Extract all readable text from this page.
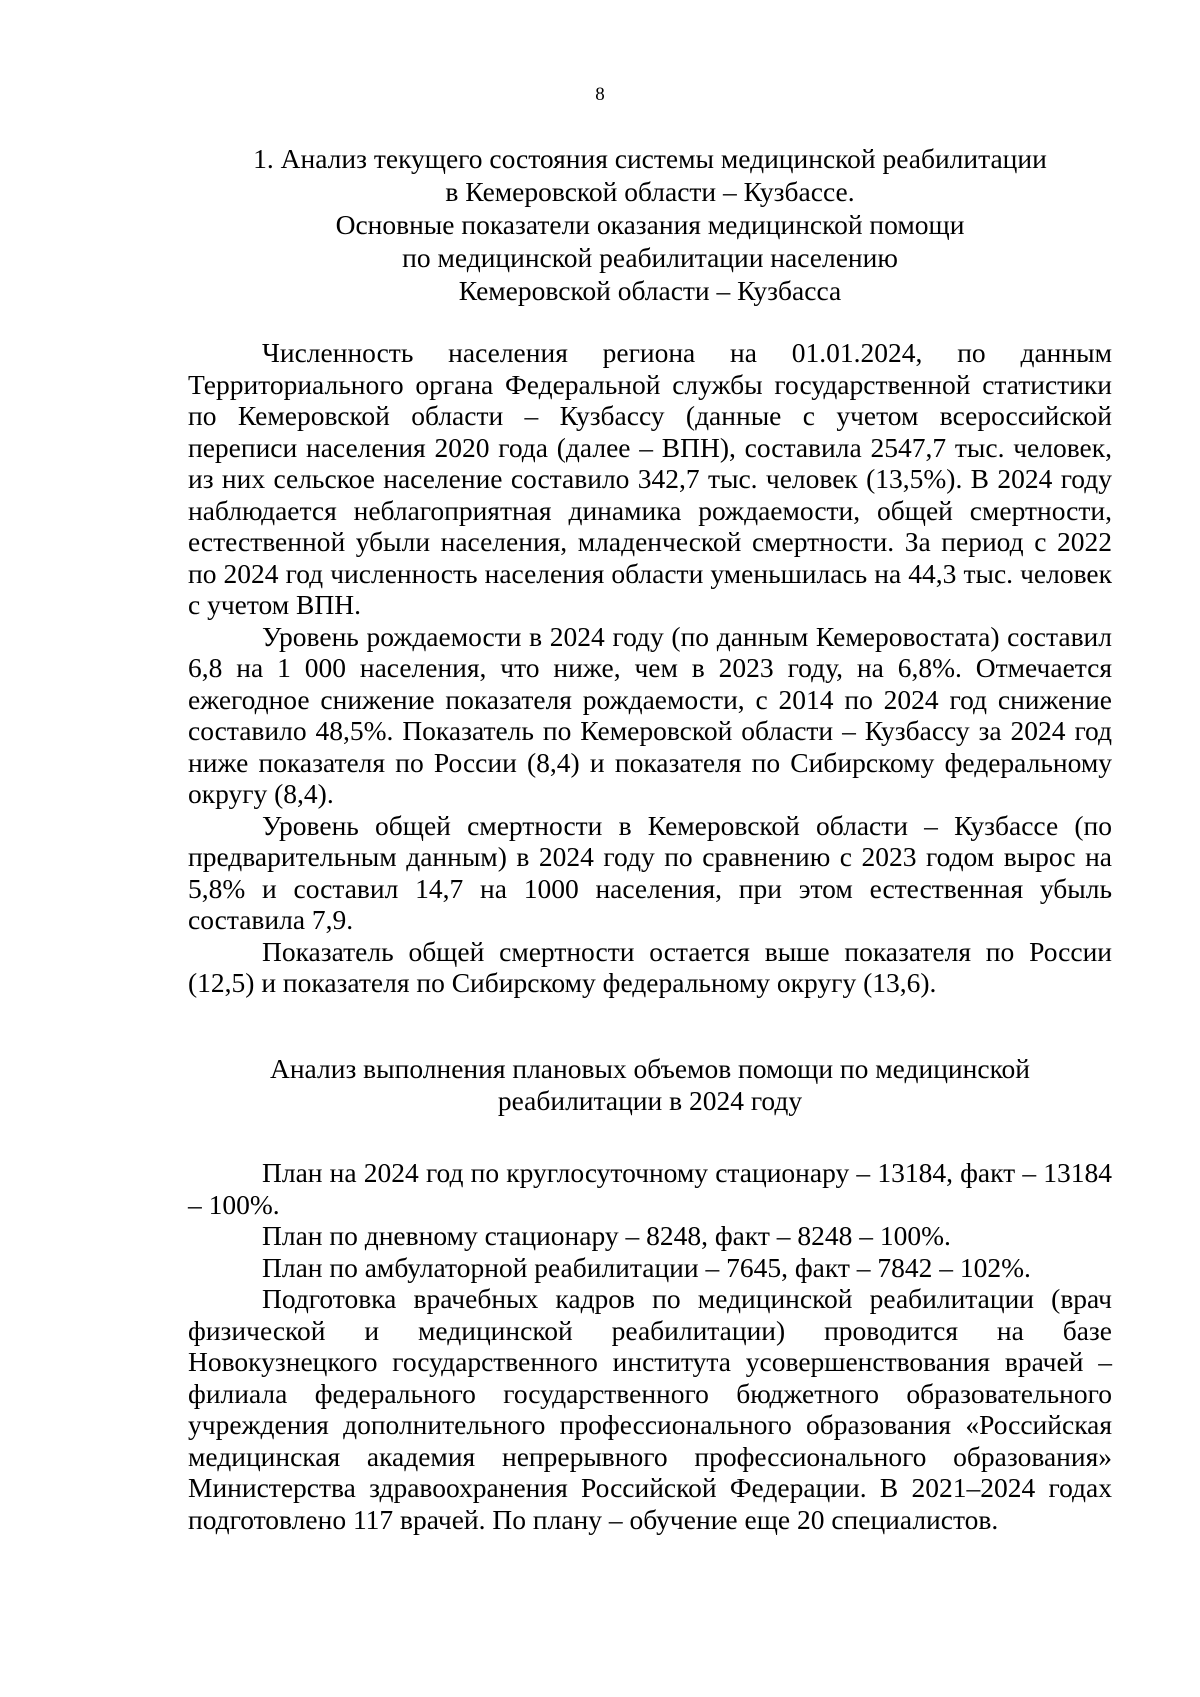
8
1. Анализ текущего состояния системы медицинской реабилитации
в Кемеровской области – Кузбассе.
Основные показатели оказания медицинской помощи
по медицинской реабилитации населению
Кемеровской области – Кузбасса

Численность населения региона на 01.01.2024, по данным Территориального органа Федеральной службы государственной статистики по Кемеровской области – Кузбассу (данные с учетом всероссийской переписи населения 2020 года (далее – ВПН), составила 2547,7 тыс. человек, из них сельское население составило 342,7 тыс. человек (13,5%). В 2024 году наблюдается неблагоприятная динамика рождаемости, общей смертности, естественной убыли населения, младенческой смертности. За период с 2022 по 2024 год численность населения области уменьшилась на 44,3 тыс. человек с учетом ВПН.

Уровень рождаемости в 2024 году (по данным Кемеровостата) составил 6,8 на 1 000 населения, что ниже, чем в 2023 году, на 6,8%. Отмечается ежегодное снижение показателя рождаемости, с 2014 по 2024 год снижение составило 48,5%. Показатель по Кемеровской области – Кузбассу за 2024 год ниже показателя по России (8,4) и показателя по Сибирскому федеральному округу (8,4).

Уровень общей смертности в Кемеровской области – Кузбассе (по предварительным данным) в 2024 году по сравнению с 2023 годом вырос на 5,8% и составил 14,7 на 1000 населения, при этом естественная убыль составила 7,9.

Показатель общей смертности остается выше показателя по России (12,5) и показателя по Сибирскому федеральному округу (13,6).

Анализ выполнения плановых объемов помощи по медицинской
реабилитации в 2024 году

План на 2024 год по круглосуточному стационару – 13184, факт – 13184 – 100%.

План по дневному стационару – 8248, факт – 8248 – 100%.

План по амбулаторной реабилитации – 7645, факт – 7842 – 102%.

Подготовка врачебных кадров по медицинской реабилитации (врач физической и медицинской реабилитации) проводится на базе Новокузнецкого государственного института усовершенствования врачей – филиала федерального государственного бюджетного образовательного учреждения дополнительного профессионального образования «Российская медицинская академия непрерывного профессионального образования» Министерства здравоохранения Российской Федерации. В 2021–2024 годах подготовлено 117 врачей. По плану – обучение еще 20 специалистов.
